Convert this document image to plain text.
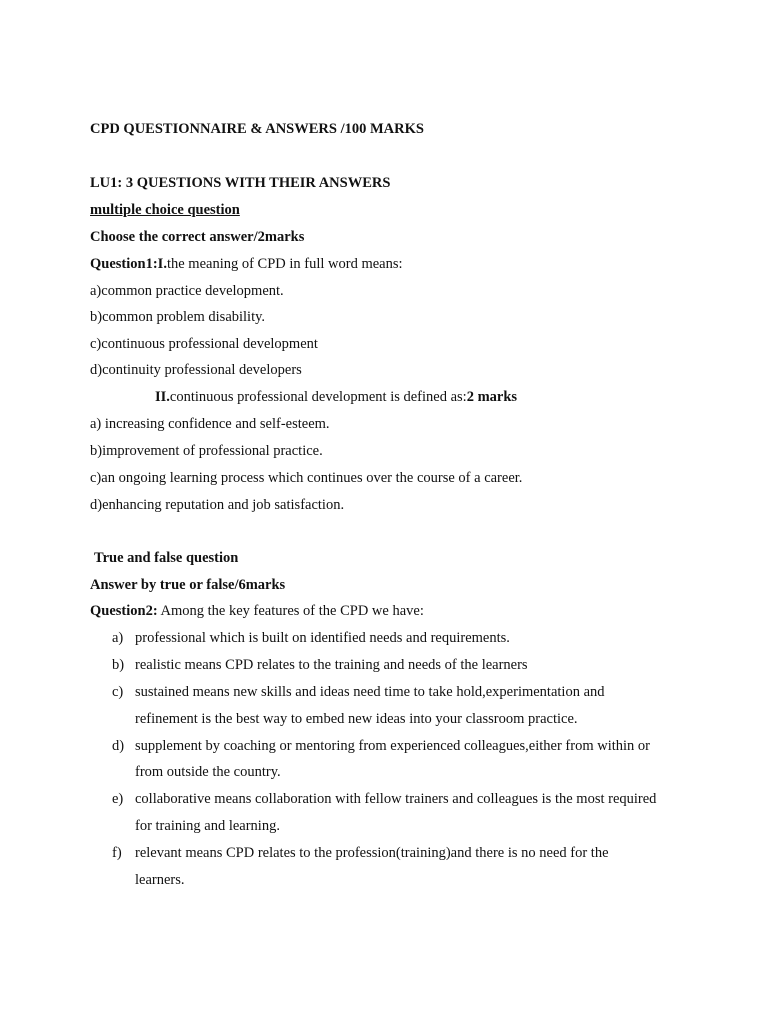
CPD QUESTIONNAIRE & ANSWERS /100 MARKS
LU1: 3 QUESTIONS WITH THEIR ANSWERS
multiple choice question
Choose the correct answer/2marks
Question1:I.the meaning of CPD in full word means:
a)common practice development.
b)common problem disability.
c)continuous professional development
d)continuity professional developers
II.continuous professional development is defined as:2 marks
a) increasing confidence and self-esteem.
b)improvement of professional practice.
c)an ongoing learning process which continues over the course of a career.
d)enhancing reputation and job satisfaction.
True and false question
Answer by true or false/6marks
Question2: Among the key features of the CPD we have:
a) professional which is built on identified needs and requirements.
b) realistic means CPD relates to the training and needs of the learners
c) sustained means new skills and ideas need time to take hold,experimentation and
refinement is the best way to embed new ideas into your classroom practice.
d) supplement by coaching or mentoring from experienced colleagues,either from within or
from outside the country.
e) collaborative means collaboration with fellow trainers and colleagues is the most required
for training and learning.
f) relevant means CPD relates to the profession(training)and there is no need for the
learners.
